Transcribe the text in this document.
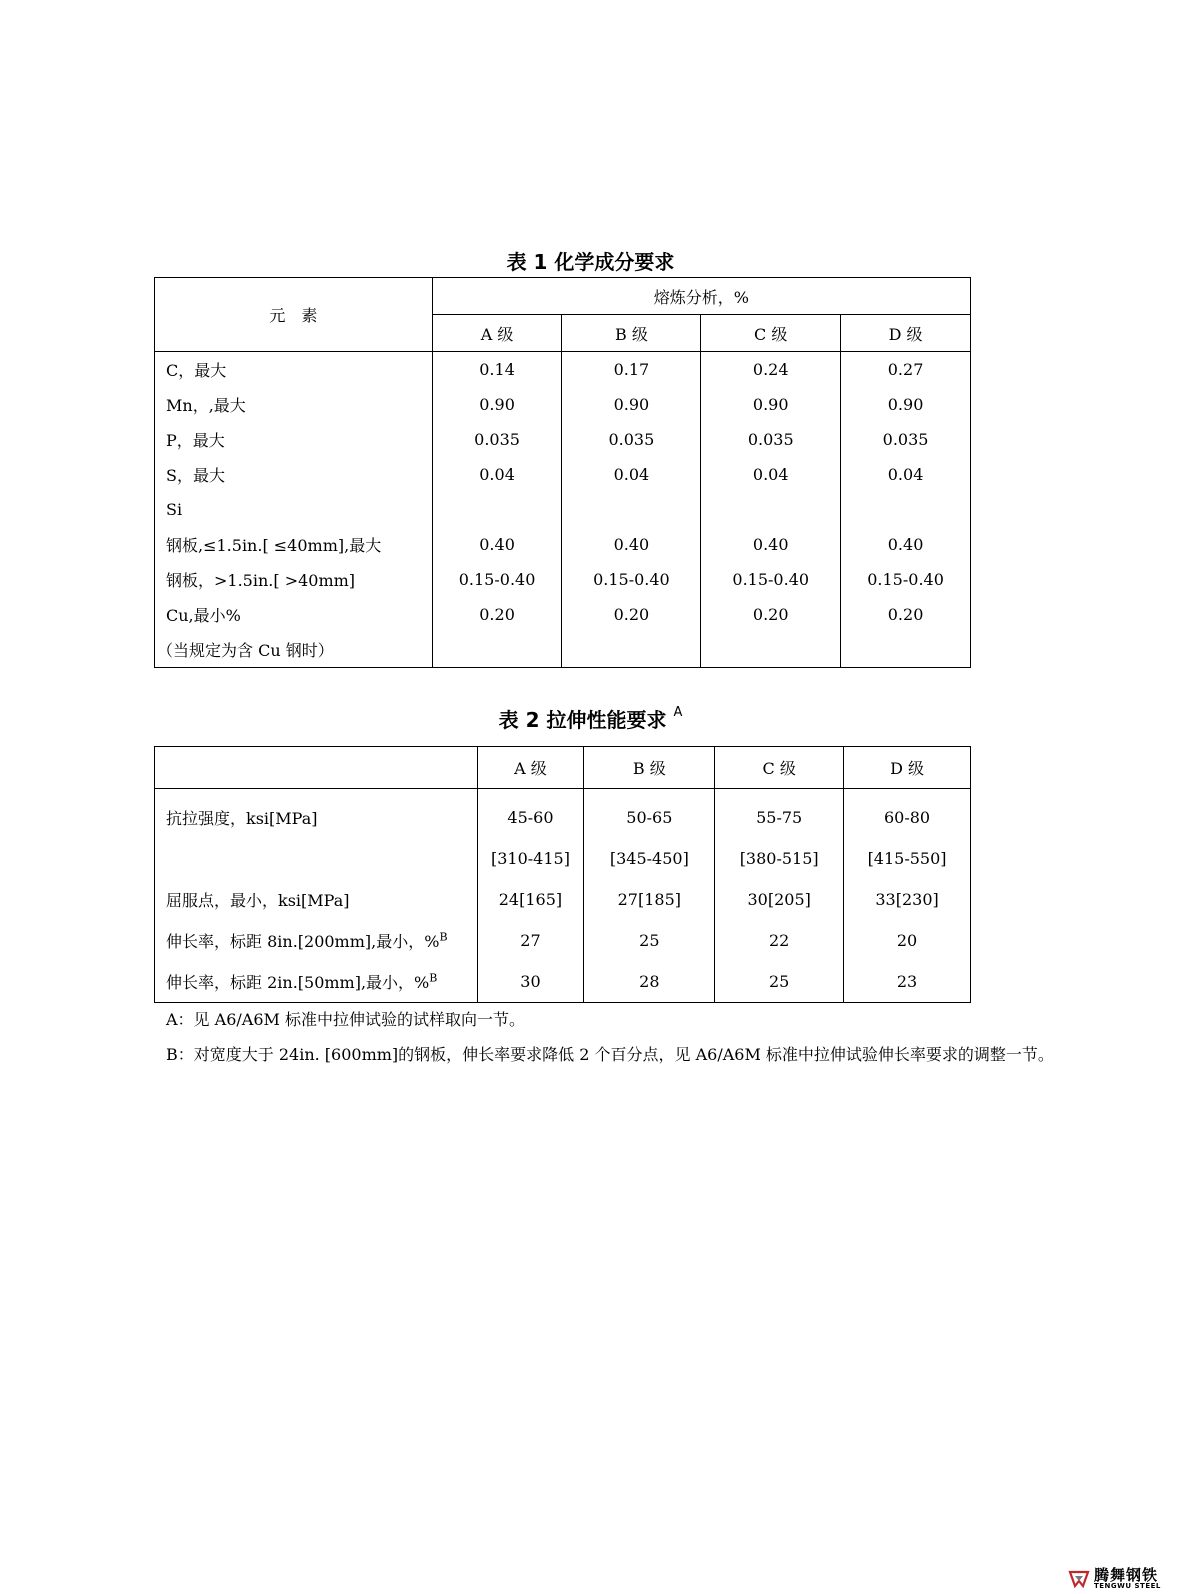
表 1 化学成分要求
元　素	熔炼分析，%			
	A 级	B 级	C 级	D 级
C，最大	0.14	0.17	0.24	0.27
Mn，,最大	0.90	0.90	0.90	0.90
P，最大	0.035	0.035	0.035	0.035
S，最大	0.04	0.04	0.04	0.04
Si				
钢板,≤1.5in.[ ≤40mm],最大	0.40	0.40	0.40	0.40
钢板，>1.5in.[ >40mm]	0.15-0.40	0.15-0.40	0.15-0.40	0.15-0.40
Cu,最小%	0.20	0.20	0.20	0.20
（当规定为含 Cu 钢时）				
表 2 拉伸性能要求 $^A$
	A 级	B 级	C 级	D 级

抗拉强度，ksi[MPa]	45-60	50-65	55-75	60-80
	[310-415]	[345-450]	[380-515]	[415-550]
屈服点，最小，ksi[MPa]	24[165]	27[185]	30[205]	33[230]
伸长率，标距 8in.[200mm],最小，%$^B$	27	25	22	20
伸长率，标距 2in.[50mm],最小，%$^B$	30	28	25	23
A：见 A6/A6M 标准中拉伸试验的试样取向一节。
B：对宽度大于 24in. [600mm]的钢板，伸长率要求降低 2 个百分点，见 A6/A6M 标准中拉伸试验伸长率要求的调整一节。
腾舞钢铁
TENGWU STEEL
